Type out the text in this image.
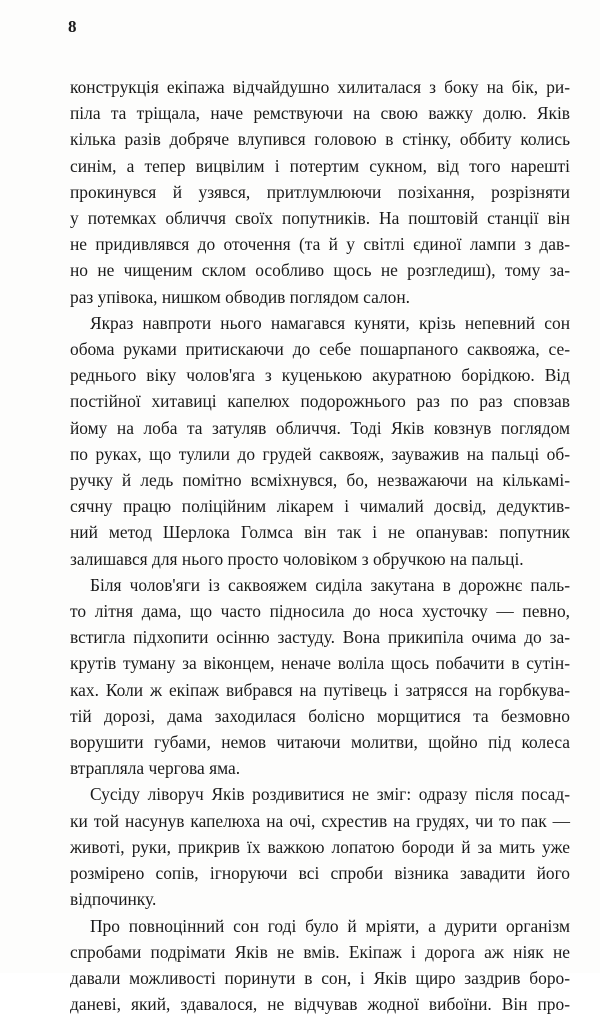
8

конструкція екіпажа відчайдушно хилиталася з боку на бік, ри-
піла та тріщала, наче ремствуючи на свою важку долю. Яків
кілька разів добряче влупився головою в стінку, оббиту колись
синім, а тепер вицвілим і потертим сукном, від того нарешті
прокинувся й узявся, притлумлюючи позіхання, розрізняти
у потемках обличчя своїх попутників. На поштовій станції він
не придивлявся до оточення (та й у світлі єдиної лампи з дав-
но не чищеним склом особливо щось не розгледиш), тому за-
раз упівока, нишком обводив поглядом салон.

Якраз навпроти нього намагався куняти, крізь непевний сон
обома руками притискаючи до себе пошарпаного саквояжа, се-
реднього віку чолов'яга з куценькою акуратною борідкою. Від
постійної хитавиці капелюх подорожнього раз по раз сповзав
йому на лоба та затуляв обличчя. Тоді Яків ковзнув поглядом
по руках, що тулили до грудей саквояж, зауважив на пальці об-
ручку й ледь помітно всміхнувся, бо, незважаючи на кількамі-
сячну працю поліційним лікарем і чималий досвід, дедуктив-
ний метод Шерлока Голмса він так і не опанував: попутник
залишався для нього просто чоловіком з обручкою на пальці.

Біля чолов'яги із саквояжем сиділа закутана в дорожнє паль-
то літня дама, що часто підносила до носа хусточку — певно,
встигла підхопити осінню застуду. Вона прикипіла очима до за-
крутів туману за віконцем, неначе воліла щось побачити в сутін-
ках. Коли ж екіпаж вибрався на путівець і затрясся на горбкува-
тій дорозі, дама заходилася болісно морщитися та безмовно
ворушити губами, немов читаючи молитви, щойно під колеса
втрапляла чергова яма.

Сусіду ліворуч Яків роздивитися не зміг: одразу після посад-
ки той насунув капелюха на очі, схрестив на грудях, чи то пак —
животі, руки, прикрив їх важкою лопатою бороди й за мить уже
розмірено сопів, ігноруючи всі спроби візника завадити його
відпочинку.

Про повноцінний сон годі було й мріяти, а дурити організм
спробами подрімати Яків не вмів. Екіпаж і дорога аж ніяк не
давали можливості поринути в сон, і Яків щиро заздрив боро-
даневі, який, здавалося, не відчував жодної вибоїни. Він про-
